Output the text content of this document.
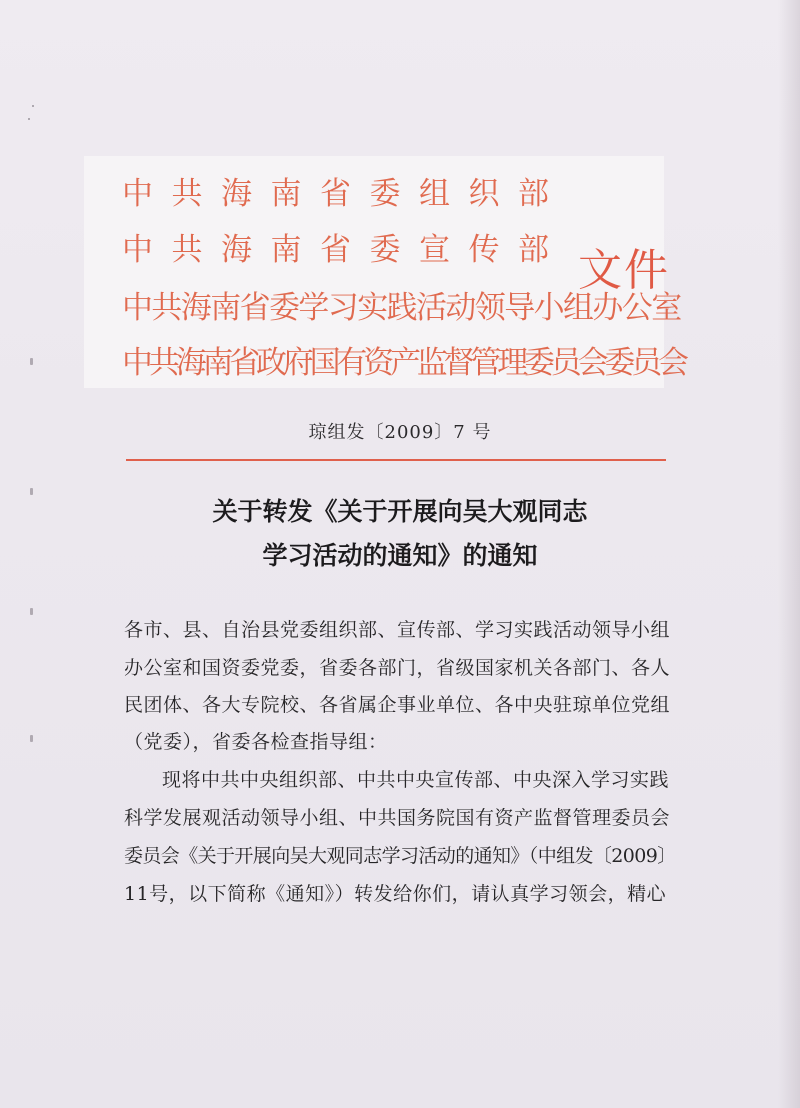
中共海南省委组织部
中共海南省委宣传部
中共海南省委学习实践活动领导小组办公室
中共海南省政府国有资产监督管理委员会委员会
文件
琼组发〔2009〕7 号
关于转发《关于开展向吴大观同志
学习活动的通知》的通知
各市、县、自治县党委组织部、宣传部、学习实践活动领导小组
办公室和国资委党委，省委各部门，省级国家机关各部门、各人
民团体、各大专院校、各省属企事业单位、各中央驻琼单位党组
（党委），省委各检查指导组：
现将中共中央组织部、中共中央宣传部、中央深入学习实践
科学发展观活动领导小组、中共国务院国有资产监督管理委员会
委员会《关于开展向吴大观同志学习活动的通知》（中组发〔2009〕
11号，以下简称《通知》）转发给你们，请认真学习领会，精心
